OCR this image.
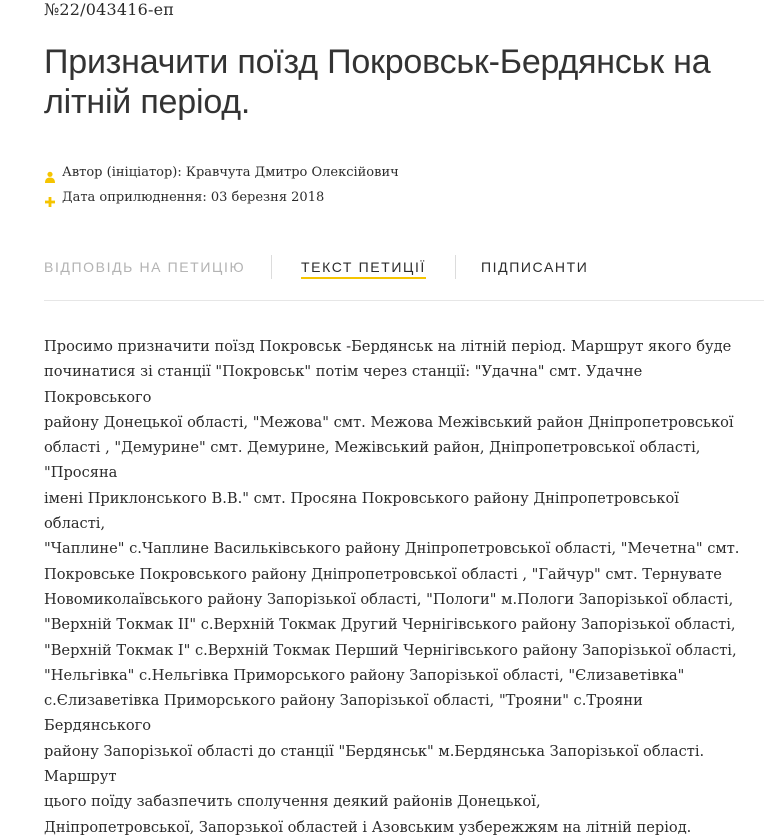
№22/043416-еп
Призначити поїзд Покровськ-Бердянськ на літній період.
Автор (ініціатор): Кравчута Дмитро Олексійович
Дата оприлюднення: 03 березня 2018
ВІДПОВІДЬ НА ПЕТИЦІЮ	ТЕКСТ ПЕТИЦІЇ	ПІДПИСАНТИ
Просимо призначити поїзд Покровськ -Бердянськ на літній період. Маршрут якого буде
починатися зі станції "Покровськ" потім через станції: "Удачна" смт. Удачне Покровського
району Донецької області, "Межова" смт. Межова Межівський район Дніпропетровської
області , "Демурине" смт. Демурине, Межівський район, Дніпропетровської області, "Просяна
імені Приклонського В.В." смт. Просяна Покровського району Дніпропетровської області,
"Чаплине" с.Чаплине Васильківського району Дніпропетровської області, "Мечетна" смт.
Покровське Покровського району Дніпропетровської області , "Гайчур" смт. Тернувате
Новомиколаївського району Запорізької області, "Пологи" м.Пологи Запорізької області,
"Верхній Токмак II" с.Верхній Токмак Другий Чернігівського району Запорізької області,
"Верхній Токмак I" с.Верхній Токмак Перший Чернігівського району Запорізької області,
"Нельгівка" с.Нельгівка Приморського району Запорізької області, "Єлизаветівка"
с.Єлизаветівка Приморського району Запорізької області, "Трояни" с.Трояни Бердянського
району Запорізької області до станції "Бердянськ" м.Бердянська Запорізької області. Маршрут
цього поїду забазпечить сполучення деякий районів Донецької,
Дніпропетровської, Запорзької областей і Азовським узбережжям на літній період.
